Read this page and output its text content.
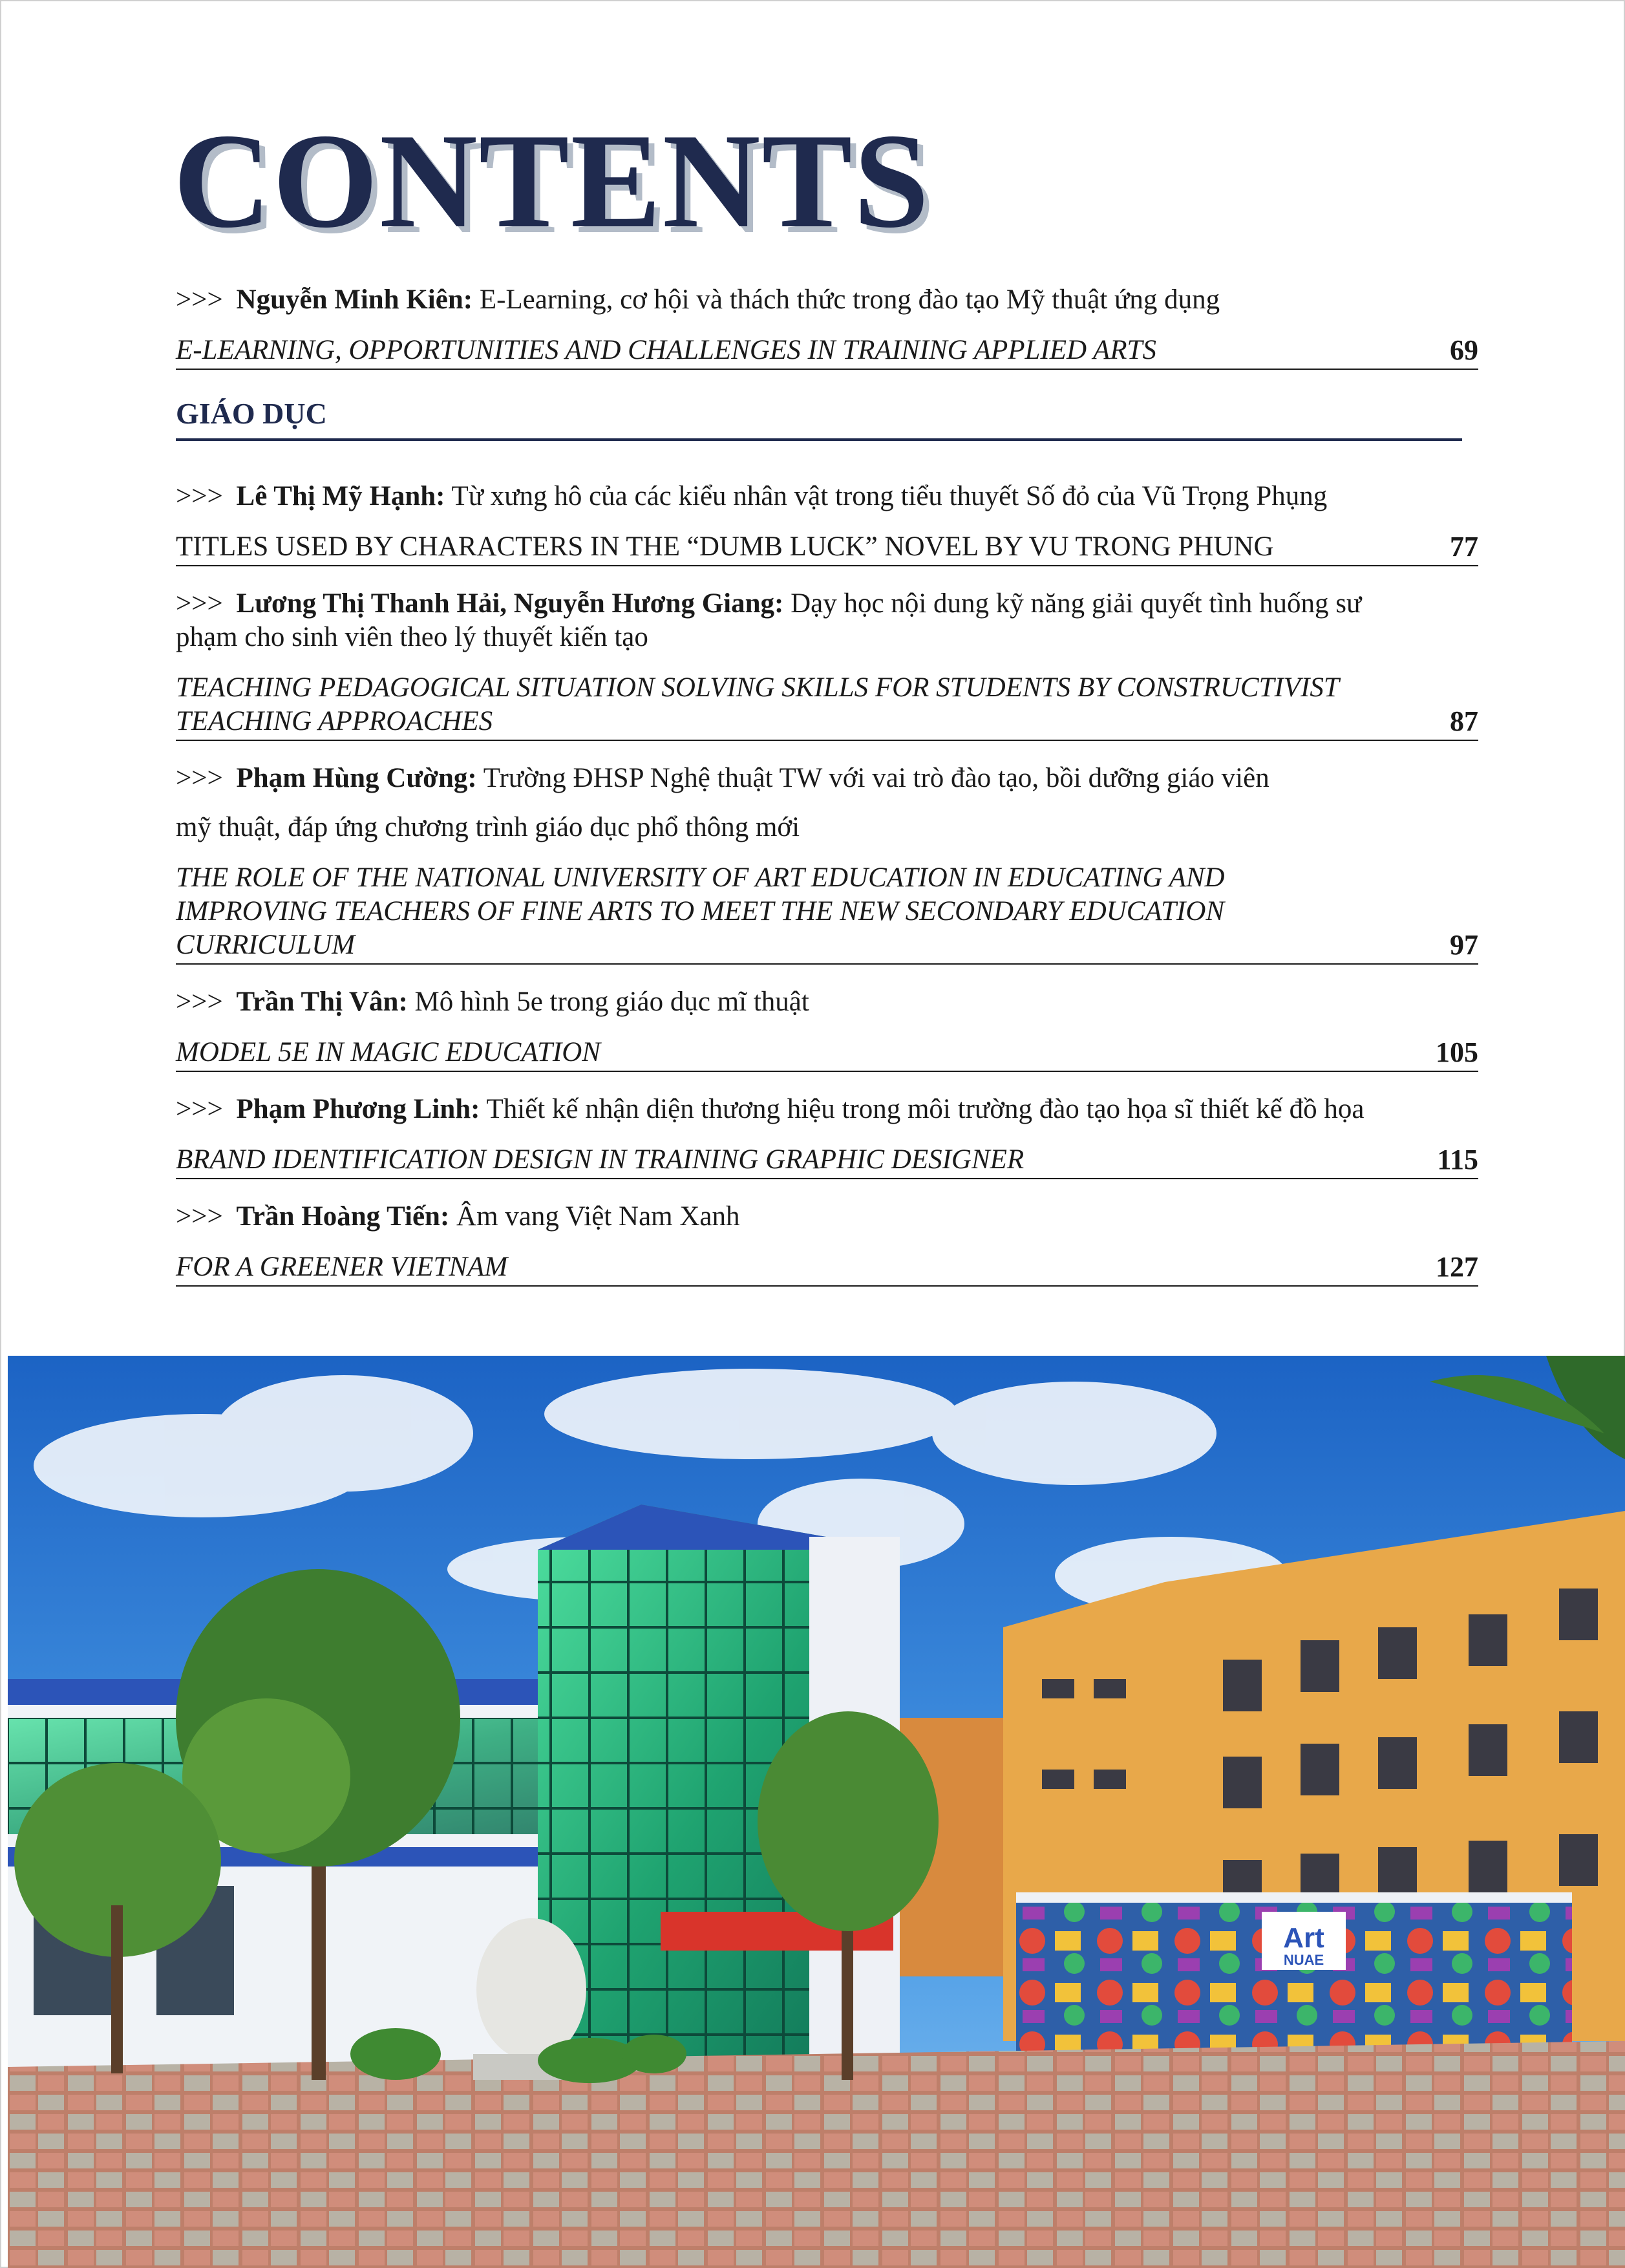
CONTENTS
>>> Nguyễn Minh Kiên: E-Learning, cơ hội và thách thức trong đào tạo Mỹ thuật ứng dụng
E-LEARNING, OPPORTUNITIES AND CHALLENGES IN TRAINING APPLIED ARTS	69
GIÁO DỤC
>>> Lê Thị Mỹ Hạnh: Từ xưng hô của các kiểu nhân vật trong tiểu thuyết Số đỏ của Vũ Trọng Phụng
TITLES USED BY CHARACTERS IN THE “DUMB LUCK” NOVEL BY VU TRONG PHUNG	77
>>> Lương Thị Thanh Hải, Nguyễn Hương Giang: Dạy học nội dung kỹ năng giải quyết tình huống sư phạm cho sinh viên theo lý thuyết kiến tạo
TEACHING PEDAGOGICAL SITUATION SOLVING SKILLS FOR STUDENTS BY CONSTRUCTIVIST TEACHING APPROACHES	87
>>> Phạm Hùng Cường: Trường ĐHSP Nghệ thuật TW với vai trò đào tạo, bồi dưỡng giáo viên
mỹ thuật, đáp ứng chương trình giáo dục phổ thông mới
THE ROLE OF THE NATIONAL UNIVERSITY OF ART EDUCATION IN EDUCATING AND IMPROVING TEACHERS OF FINE ARTS TO MEET THE NEW SECONDARY EDUCATION CURRICULUM	97
>>> Trần Thị Vân: Mô hình 5e trong giáo dục mĩ thuật
MODEL 5E IN MAGIC EDUCATION	105
>>> Phạm Phương Linh: Thiết kế nhận diện thương hiệu trong môi trường đào tạo họa sĩ thiết kế đồ họa
BRAND IDENTIFICATION DESIGN IN TRAINING GRAPHIC DESIGNER	115
>>> Trần Hoàng Tiến: Âm vang Việt Nam Xanh
FOR A GREENER VIETNAM	127
Art
NUAE
